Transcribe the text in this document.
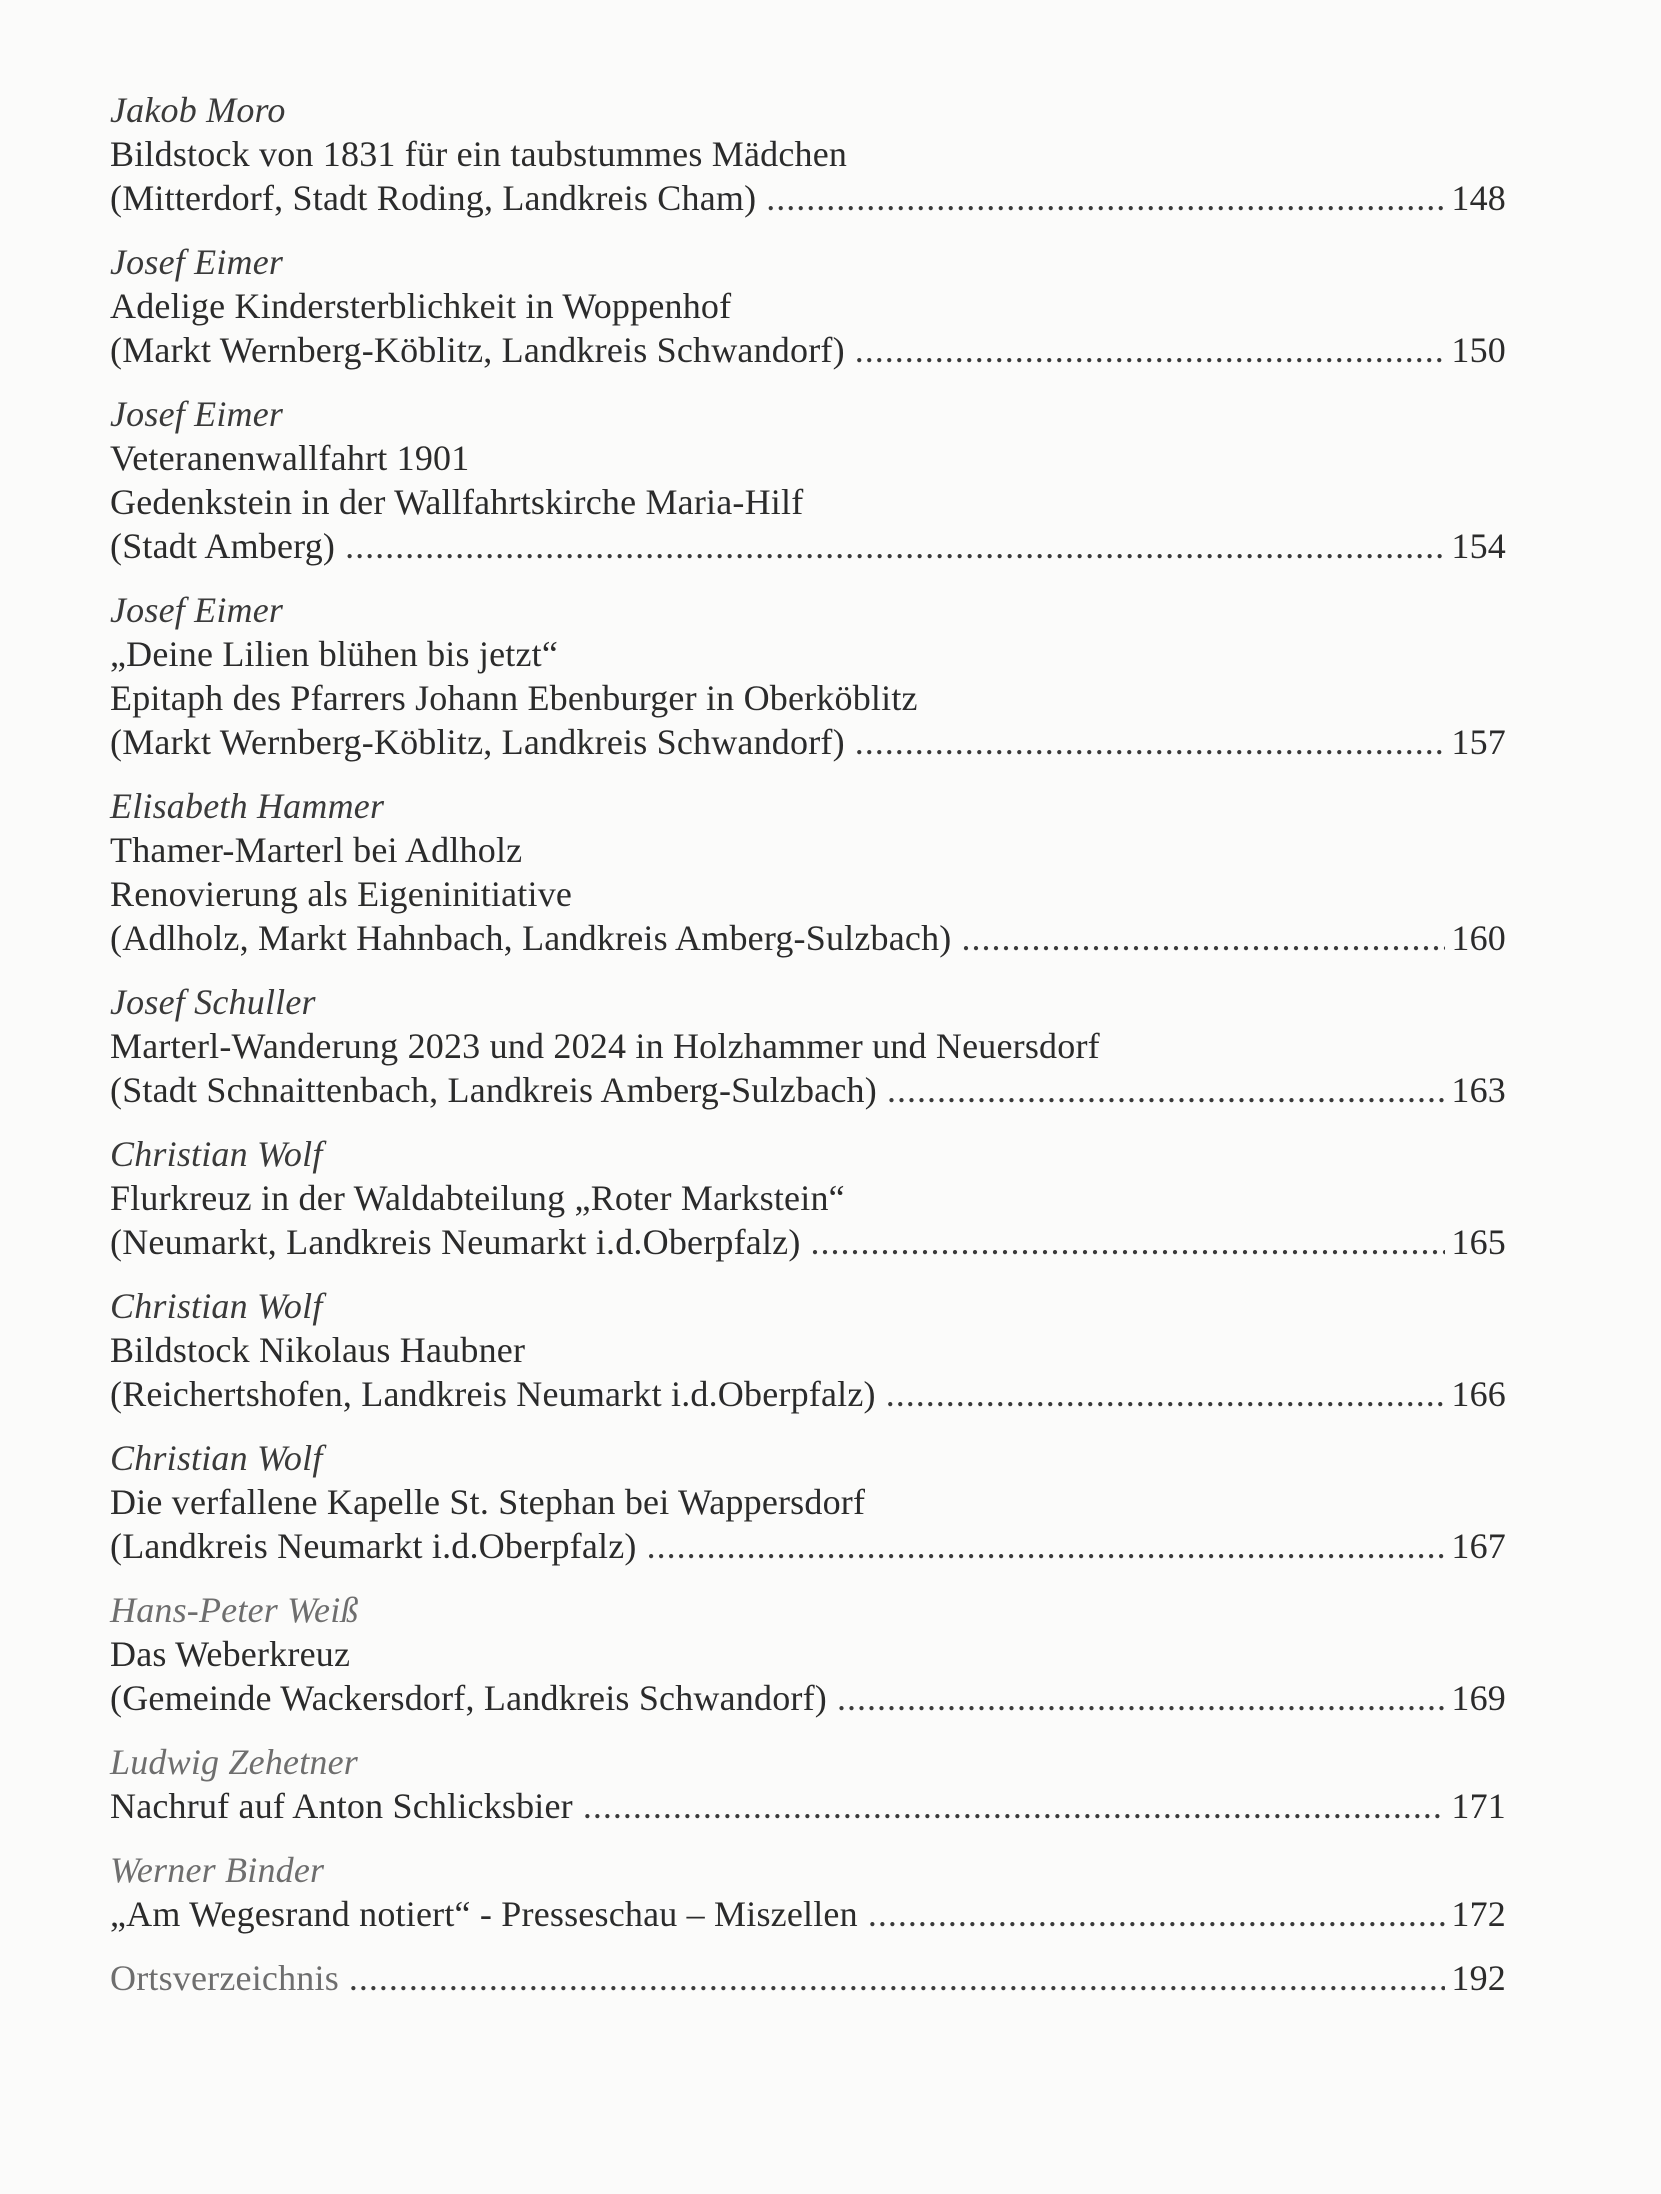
Jakob Moro
Bildstock von 1831 für ein taubstummes Mädchen
(Mitterdorf, Stadt Roding, Landkreis Cham) .....	148
Josef Eimer
Adelige Kindersterblichkeit in Woppenhof
(Markt Wernberg-Köblitz, Landkreis Schwandorf) .....	150
Josef Eimer
Veteranenwallfahrt 1901
Gedenkstein in der Wallfahrtskirche Maria-Hilf
(Stadt Amberg) .....	154
Josef Eimer
„Deine Lilien blühen bis jetzt“
Epitaph des Pfarrers Johann Ebenburger in Oberköblitz
(Markt Wernberg-Köblitz, Landkreis Schwandorf) .....	157
Elisabeth Hammer
Thamer-Marterl bei Adlholz
Renovierung als Eigeninitiative
(Adlholz, Markt Hahnbach, Landkreis Amberg-Sulzbach) .....	160
Josef Schuller
Marterl-Wanderung 2023 und 2024 in Holzhammer und Neuersdorf
(Stadt Schnaittenbach, Landkreis Amberg-Sulzbach) .....	163
Christian Wolf
Flurkreuz in der Waldabteilung „Roter Markstein“
(Neumarkt, Landkreis Neumarkt i.d.Oberpfalz) .....	165
Christian Wolf
Bildstock Nikolaus Haubner
(Reichertshofen, Landkreis Neumarkt i.d.Oberpfalz) .....	166
Christian Wolf
Die verfallene Kapelle St. Stephan bei Wappersdorf
(Landkreis Neumarkt i.d.Oberpfalz) .....	167
Hans-Peter Weiß
Das Weberkreuz
(Gemeinde Wackersdorf, Landkreis Schwandorf) .....	169
Ludwig Zehetner
Nachruf auf Anton Schlicksbier .....	171
Werner Binder
„Am Wegesrand notiert“ - Presseschau – Miszellen .....	172
Ortsverzeichnis .....	192
